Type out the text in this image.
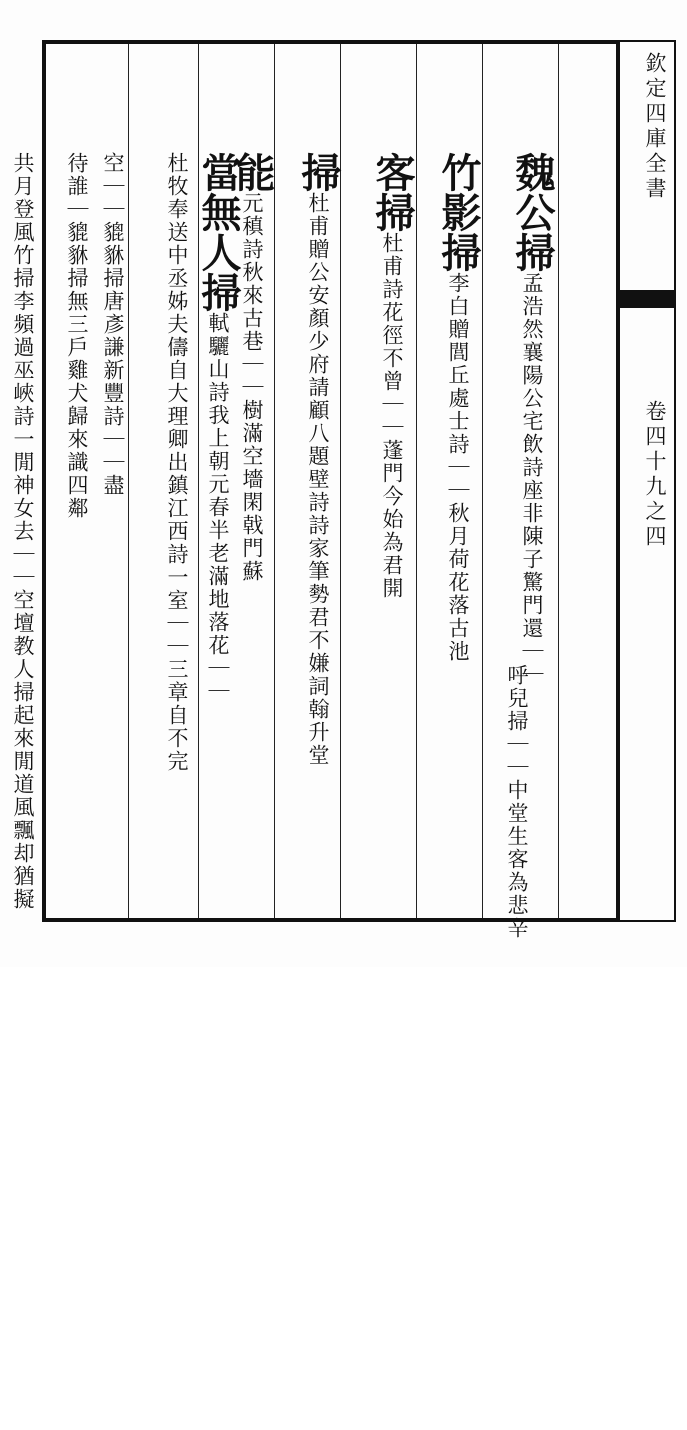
欽定四庫全書
卷四十九之四

魏公掃孟浩然襄陽公宅飲詩座非陳子驚門還｜｜

呼兒掃｜｜中堂生客為悲辛

竹影掃李白贈閭丘處士詩｜｜秋月荷花落古池

客掃杜甫詩花徑不曾｜｜蓬門今始為君開

掃杜甫贈公安顏少府請顧八題壁詩詩家筆勢君不嫌詞翰升堂

能元稹詩秋來古巷｜｜樹滿空墻閑戟門蘇

當無人掃軾驪山詩我上朝元春半老滿地落花｜｜

杜牧奉送中丞姊夫儔自大理卿出鎮江西詩一室｜｜三章自不完

空｜｜貔貅掃唐彥謙新豐詩｜｜盡

待誰｜貔貅掃無三戶雞犬歸來識四鄰

共月登風竹掃李頻過巫峽詩一閒神女去｜｜空壇教人掃起來閒道風飄却猶擬
